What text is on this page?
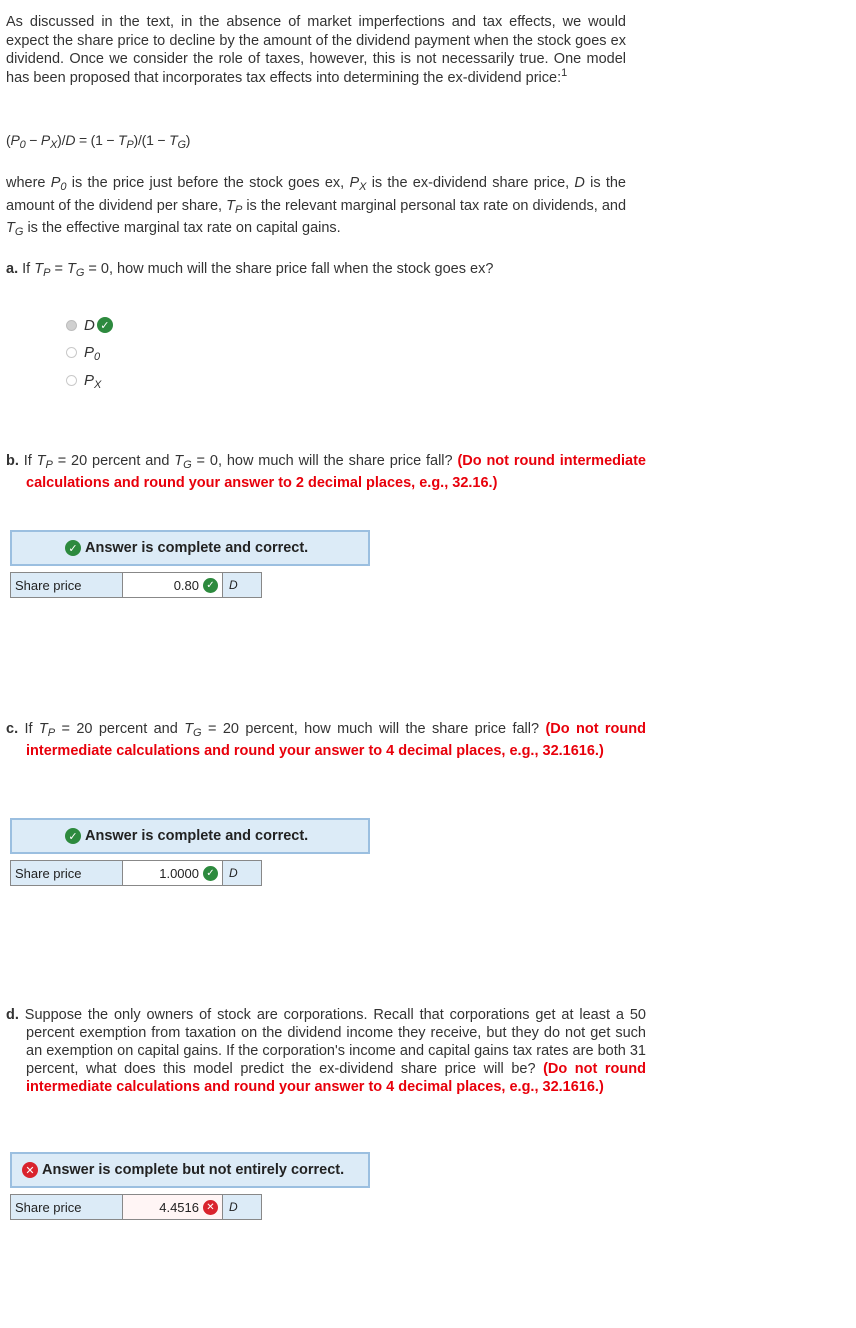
As discussed in the text, in the absence of market imperfections and tax effects, we would expect the share price to decline by the amount of the dividend payment when the stock goes ex dividend. Once we consider the role of taxes, however, this is not necessarily true. One model has been proposed that incorporates tax effects into determining the ex-dividend price:$^1$
$(P_0 - P_X)/D = (1 - T_P)/(1 - T_G)$
where $P_0$ is the price just before the stock goes ex, $P_X$ is the ex-dividend share price, D is the amount of the dividend per share, $T_P$ is the relevant marginal personal tax rate on dividends, and $T_G$ is the effective marginal tax rate on capital gains.
a. If $T_P = T_G = 0$, how much will the share price fall when the stock goes ex?
D ✓
$P_0$
$P_X$
b. If $T_P = 20$ percent and $T_G = 0$, how much will the share price fall? (Do not round intermediate calculations and round your answer to 2 decimal places, e.g., 32.16.)
✓ Answer is complete and correct.
Share price	0.80 ✓	D
c. If $T_P = 20$ percent and $T_G = 20$ percent, how much will the share price fall? (Do not round intermediate calculations and round your answer to 4 decimal places, e.g., 32.1616.)
✓ Answer is complete and correct.
Share price	1.0000 ✓	D
d. Suppose the only owners of stock are corporations. Recall that corporations get at least a 50 percent exemption from taxation on the dividend income they receive, but they do not get such an exemption on capital gains. If the corporation's income and capital gains tax rates are both 31 percent, what does this model predict the ex-dividend share price will be? (Do not round intermediate calculations and round your answer to 4 decimal places, e.g., 32.1616.)
✕ Answer is complete but not entirely correct.
Share price	4.4516 ✕	D
